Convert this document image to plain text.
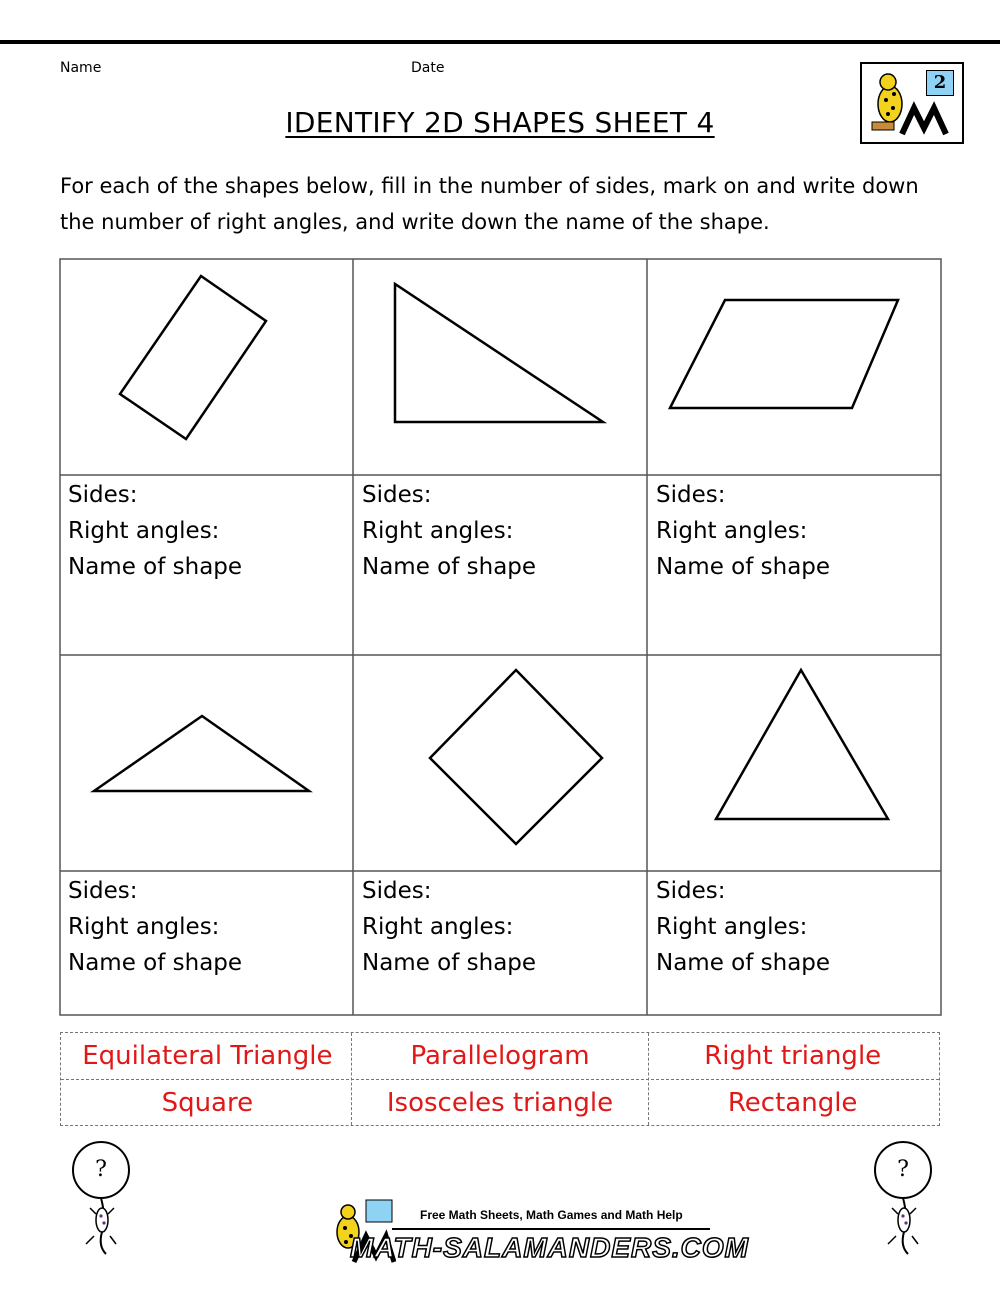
Name	Date
2
IDENTIFY 2D SHAPES SHEET 4
For each of the shapes below, fill in the number of sides, mark on and write down the number of right angles, and write down the name of the shape.
Sides:
Right angles:
Name of shape
Sides:
Right angles:
Name of shape
Sides:
Right angles:
Name of shape
Sides:
Right angles:
Name of shape
Sides:
Right angles:
Name of shape
Sides:
Right angles:
Name of shape
Equilateral Triangle	Parallelogram	Right triangle
Square	Isosceles triangle	Rectangle
?	?
Free Math Sheets, Math Games and Math Help
MATH-SALAMANDERS.COM
